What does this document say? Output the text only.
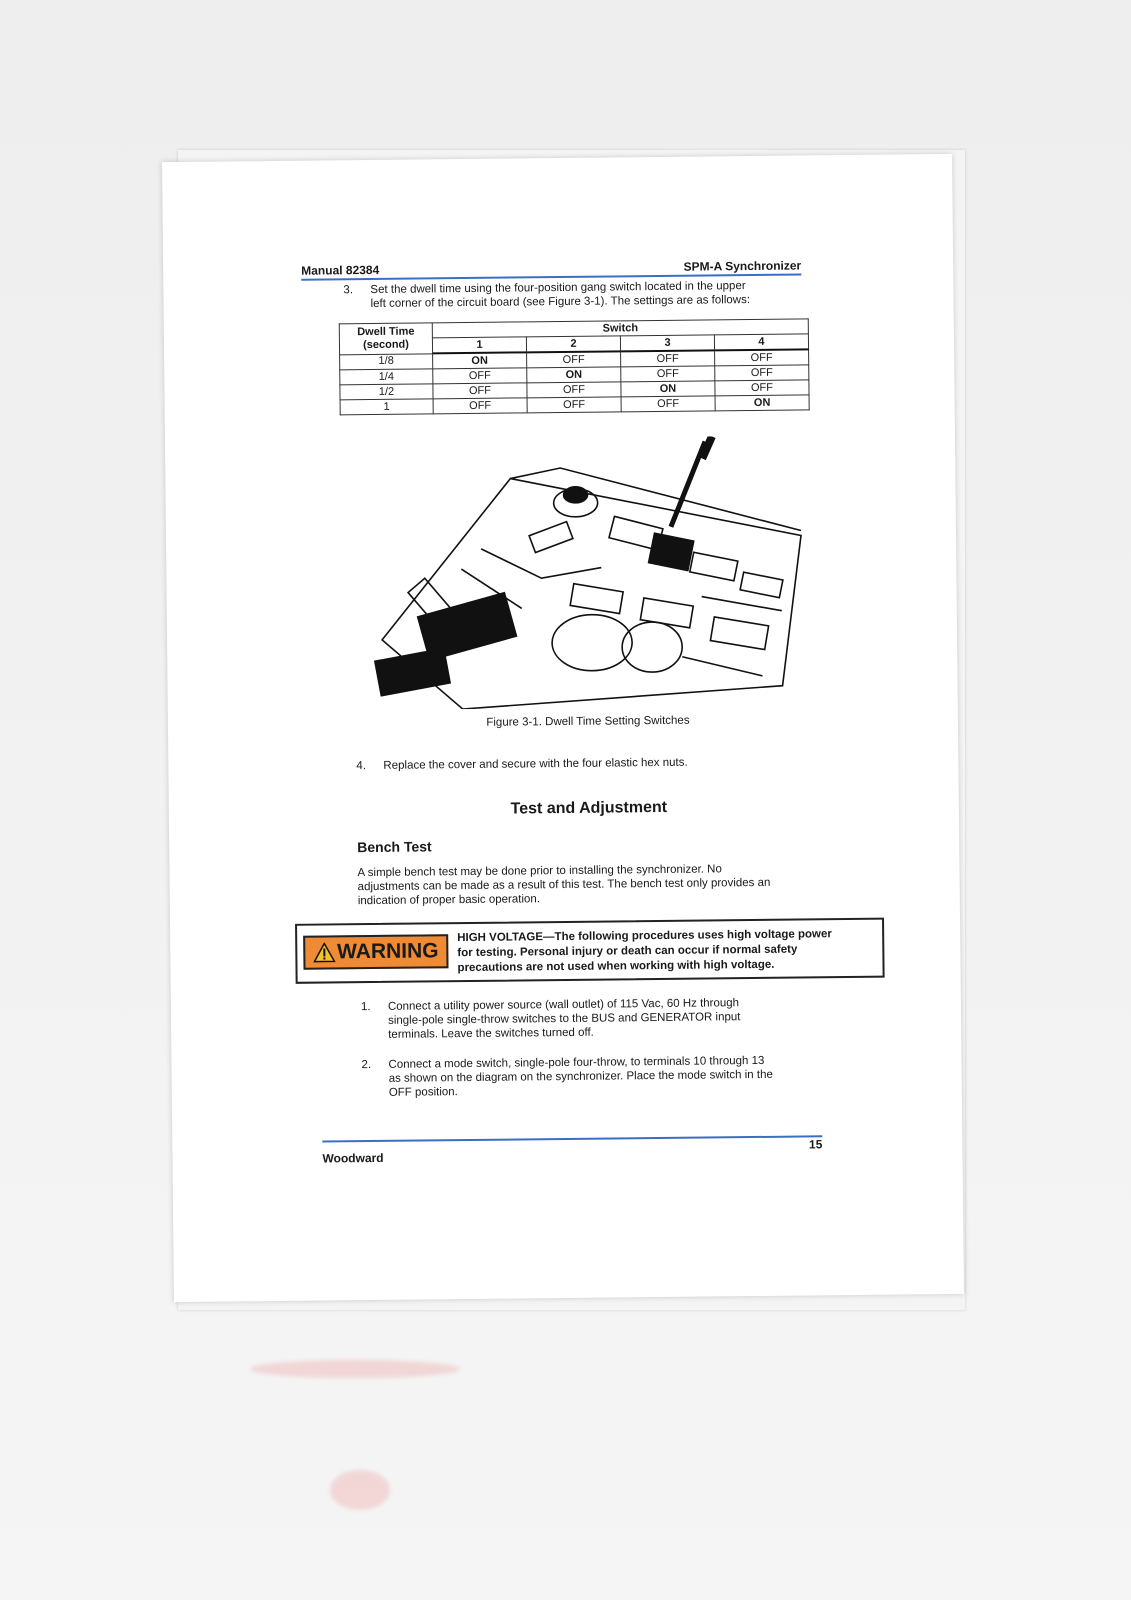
Manual 82384	SPM-A Synchronizer
3. Set the dwell time using the four-position gang switch located in the upper
left corner of the circuit board (see Figure 3-1). The settings are as follows:
Dwell Time
(second)	Switch			
	1	2	3	4
1/8	ON	OFF	OFF	OFF
1/4	OFF	ON	OFF	OFF
1/2	OFF	OFF	ON	OFF
1	OFF	OFF	OFF	ON
Figure 3-1. Dwell Time Setting Switches
4. Replace the cover and secure with the four elastic hex nuts.
Test and Adjustment
Bench Test
A simple bench test may be done prior to installing the synchronizer. No
adjustments can be made as a result of this test. The bench test only provides an
indication of proper basic operation.
WARNING
HIGH VOLTAGE—The following procedures uses high voltage power
for testing. Personal injury or death can occur if normal safety
precautions are not used when working with high voltage.
1. Connect a utility power source (wall outlet) of 115 Vac, 60 Hz through
single-pole single-throw switches to the BUS and GENERATOR input
terminals. Leave the switches turned off.
2. Connect a mode switch, single-pole four-throw, to terminals 10 through 13
as shown on the diagram on the synchronizer. Place the mode switch in the
OFF position.
Woodward
15
